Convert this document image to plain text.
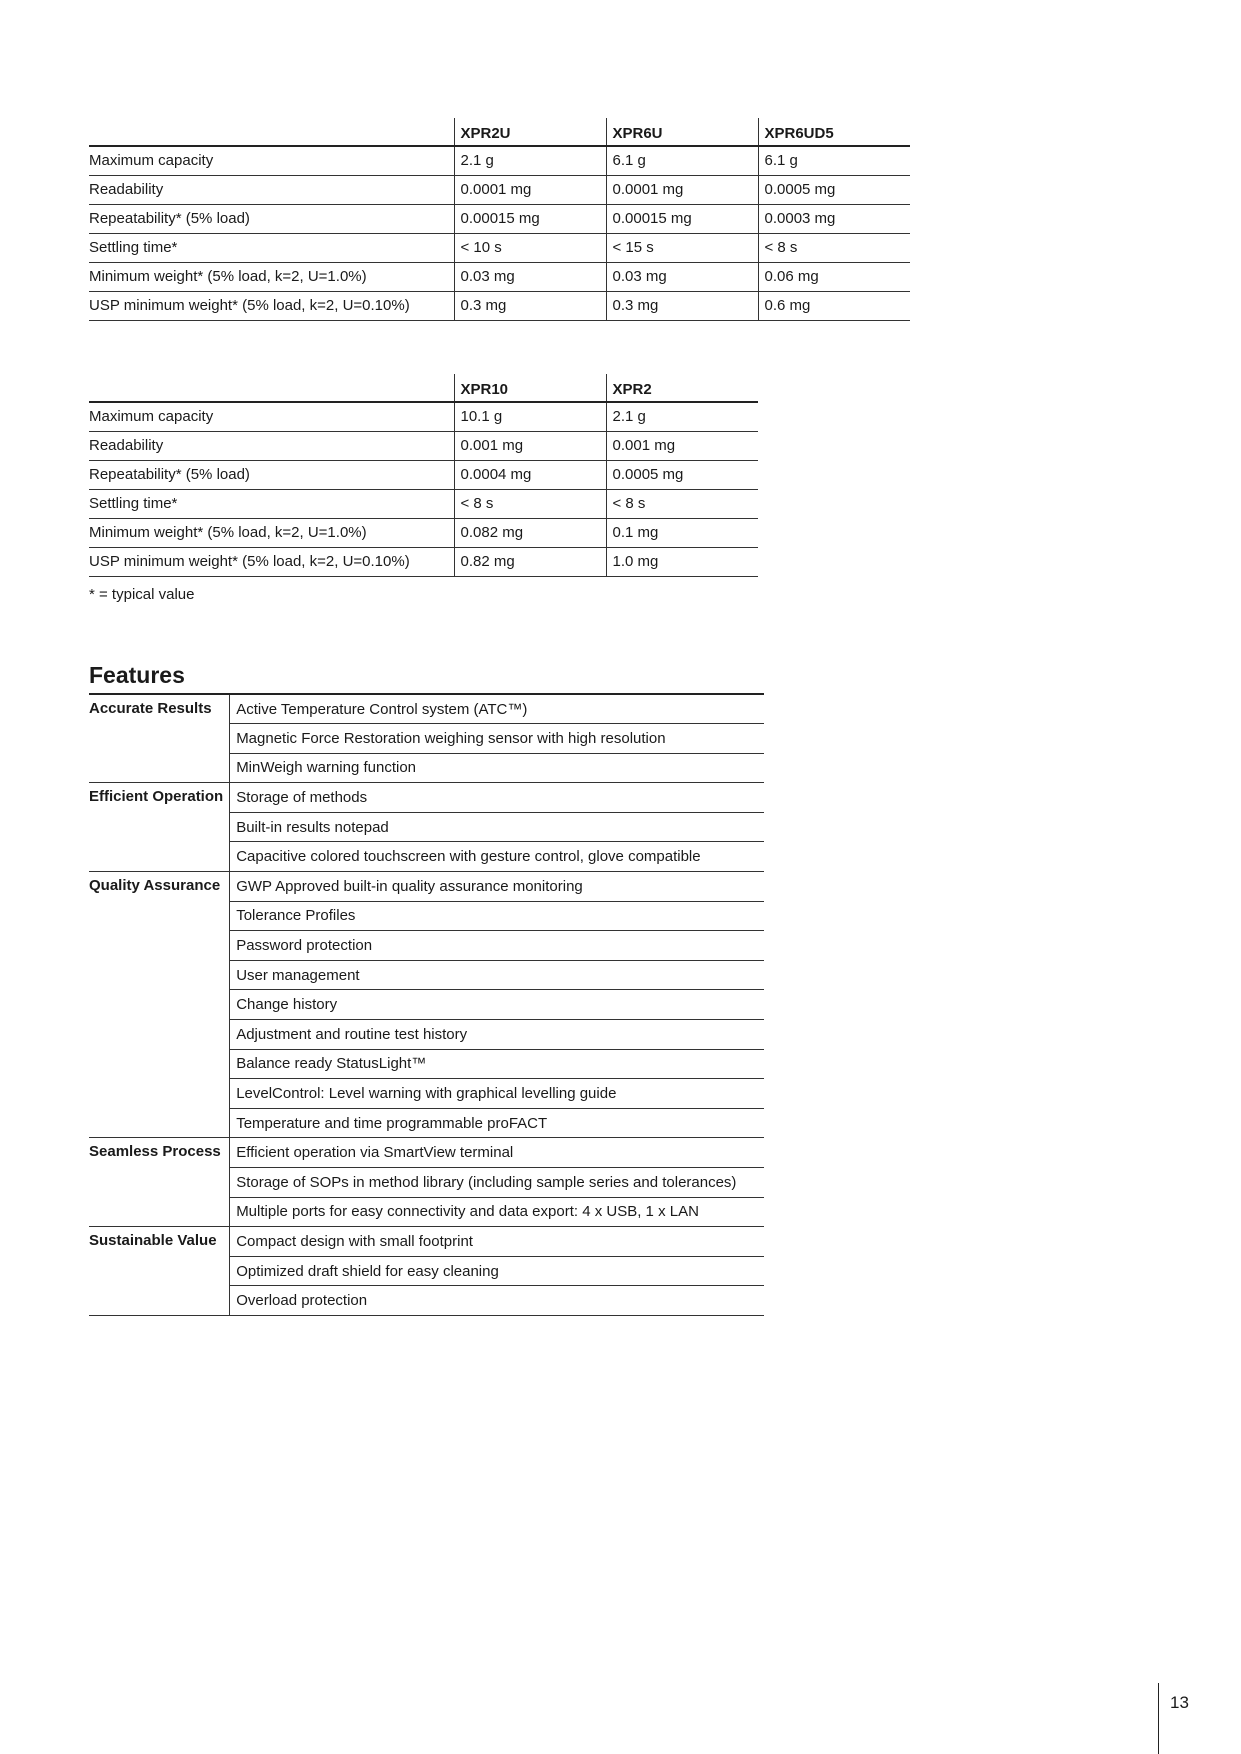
	XPR2U	XPR6U	XPR6UD5
Maximum capacity	2.1 g	6.1 g	6.1 g
Readability	0.0001 mg	0.0001 mg	0.0005 mg
Repeatability* (5% load)	0.00015 mg	0.00015 mg	0.0003 mg
Settling time*	< 10 s	< 15 s	< 8 s
Minimum weight* (5% load, k=2, U=1.0%)	0.03 mg	0.03 mg	0.06 mg
USP minimum weight* (5% load, k=2, U=0.10%)	0.3 mg	0.3 mg	0.6 mg
	XPR10	XPR2
Maximum capacity	10.1 g	2.1 g
Readability	0.001 mg	0.001 mg
Repeatability* (5% load)	0.0004 mg	0.0005 mg
Settling time*	< 8 s	< 8 s
Minimum weight* (5% load, k=2, U=1.0%)	0.082 mg	0.1 mg
USP minimum weight* (5% load, k=2, U=0.10%)	0.82 mg	1.0 mg
* = typical value
Features
Accurate Results	Active Temperature Control system (ATC™)
	Magnetic Force Restoration weighing sensor with high resolution
	MinWeigh warning function
Efficient Operation	Storage of methods
	Built-in results notepad
	Capacitive colored touchscreen with gesture control, glove compatible
Quality Assurance	GWP Approved built-in quality assurance monitoring
	Tolerance Profiles
	Password protection
	User management
	Change history
	Adjustment and routine test history
	Balance ready StatusLight™
	LevelControl: Level warning with graphical levelling guide
	Temperature and time programmable proFACT
Seamless Process	Efficient operation via SmartView terminal
	Storage of SOPs in method library (including sample series and tolerances)
	Multiple ports for easy connectivity and data export: 4 x USB, 1 x LAN
Sustainable Value	Compact design with small footprint
	Optimized draft shield for easy cleaning
	Overload protection
13
